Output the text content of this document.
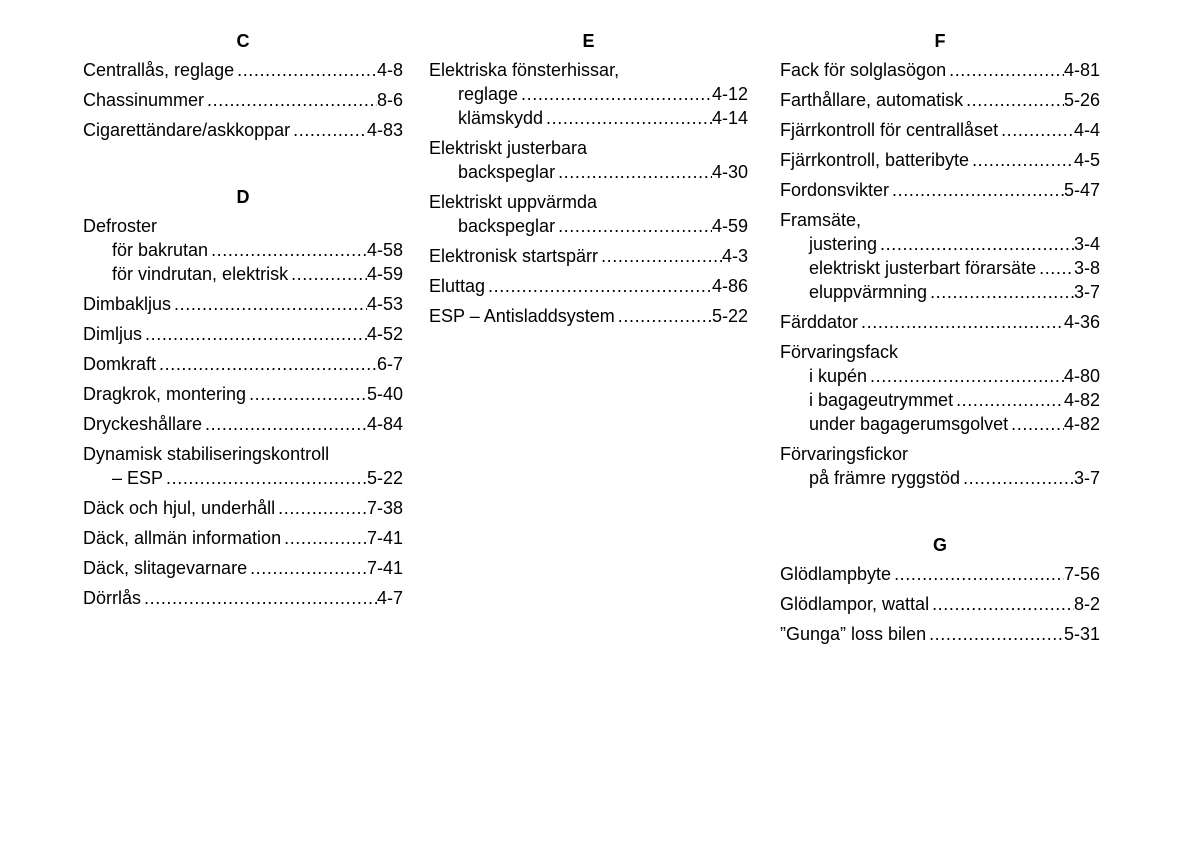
C
Centrallås, reglage .....	4-8
Chassinummer .....	8-6
Cigarettändare/askkoppar .....	4-83
D
Defroster
för bakrutan .....	4-58
för vindrutan, elektrisk .....	4-59
Dimbakljus .....	4-53
Dimljus .....	4-52
Domkraft .....	6-7
Dragkrok, montering .....	5-40
Dryckeshållare .....	4-84
Dynamisk stabiliseringskontroll
– ESP .....	5-22
Däck och hjul, underhåll .....	7-38
Däck, allmän information .....	7-41
Däck, slitagevarnare .....	7-41
Dörrlås .....	4-7
E
Elektriska fönsterhissar,
reglage .....	4-12
klämskydd .....	4-14
Elektriskt justerbara
backspeglar .....	4-30
Elektriskt uppvärmda
backspeglar .....	4-59
Elektronisk startspärr .....	4-3
Eluttag .....	4-86
ESP – Antisladdsystem .....	5-22
F
Fack för solglasögon .....	4-81
Farthållare, automatisk .....	5-26
Fjärrkontroll för centrallåset .....	4-4
Fjärrkontroll, batteribyte .....	4-5
Fordonsvikter .....	5-47
Framsäte,
justering .....	3-4
elektriskt justerbart förarsäte ..... 3-8
eluppvärmning .....	3-7
Färddator .....	4-36
Förvaringsfack
i kupén .....	4-80
i bagageutrymmet .....	4-82
under bagagerumsgolvet .....	4-82
Förvaringsfickor
på främre ryggstöd .....	3-7
G
Glödlampbyte .....	7-56
Glödlampor, wattal .....	8-2
”Gunga” loss bilen .....	5-31
